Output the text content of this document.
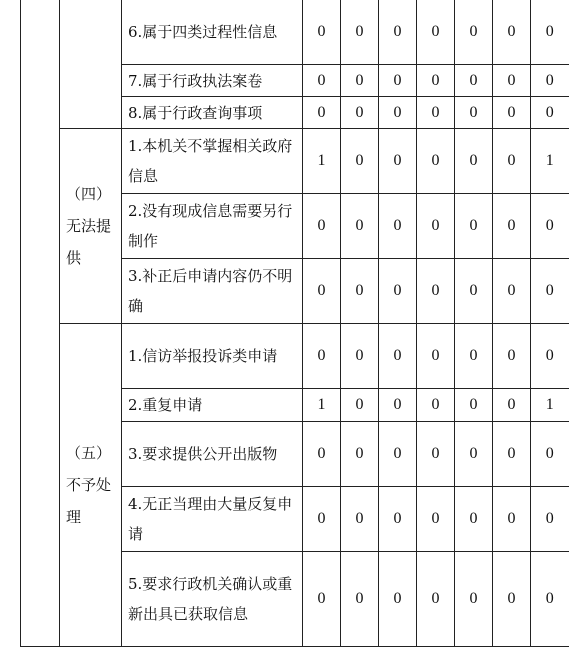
		6.属于四类过程性信息	0	0	0	0	0	0	0
		7.属于行政执法案卷	0	0	0	0	0	0	0
		8.属于行政查询事项	0	0	0	0	0	0	0
	（四）无法提供	1.本机关不掌握相关政府信息	1	0	0	0	0	0	1
		2.没有现成信息需要另行制作	0	0	0	0	0	0	0
		3.补正后申请内容仍不明确	0	0	0	0	0	0	0
	（五）不予处理	1.信访举报投诉类申请	0	0	0	0	0	0	0
		2.重复申请	1	0	0	0	0	0	1
		3.要求提供公开出版物	0	0	0	0	0	0	0
		4.无正当理由大量反复申请	0	0	0	0	0	0	0
		5.要求行政机关确认或重新出具已获取信息	0	0	0	0	0	0	0
